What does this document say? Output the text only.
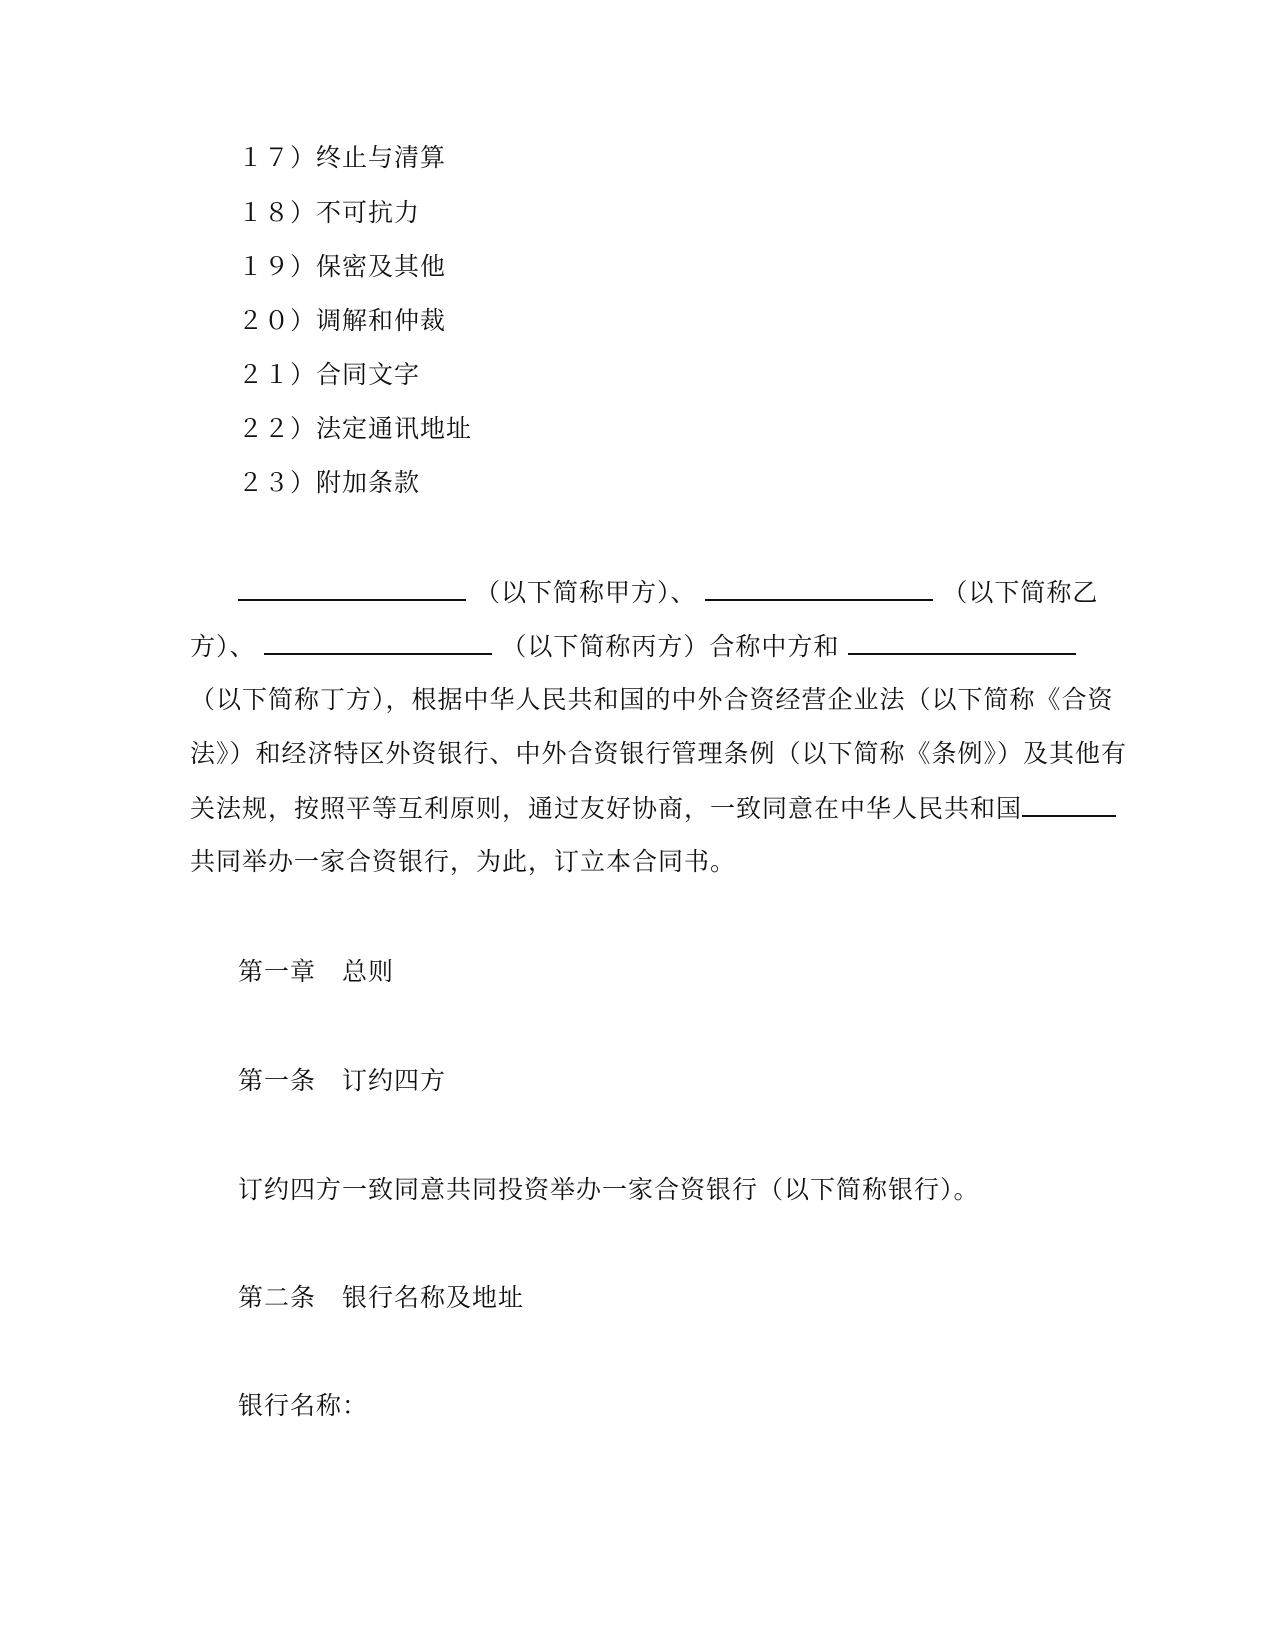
１７）终止与清算
１８）不可抗力
１９）保密及其他
２０）调解和仲裁
２１）合同文字
２２）法定通讯地址
２３）附加条款
（以下简称甲方）、	（以下简称乙
方）、	（以下简称丙方）合称中方和
（以下简称丁方），根据中华人民共和国的中外合资经营企业法（以下简称《合资
法》）和经济特区外资银行、中外合资银行管理条例（以下简称《条例》）及其他有
关法规，按照平等互利原则，通过友好协商，一致同意在中华人民共和国
共同举办一家合资银行，为此，订立本合同书。
第一章　总则
第一条　订约四方
订约四方一致同意共同投资举办一家合资银行（以下简称银行）。
第二条　银行名称及地址
银行名称：
